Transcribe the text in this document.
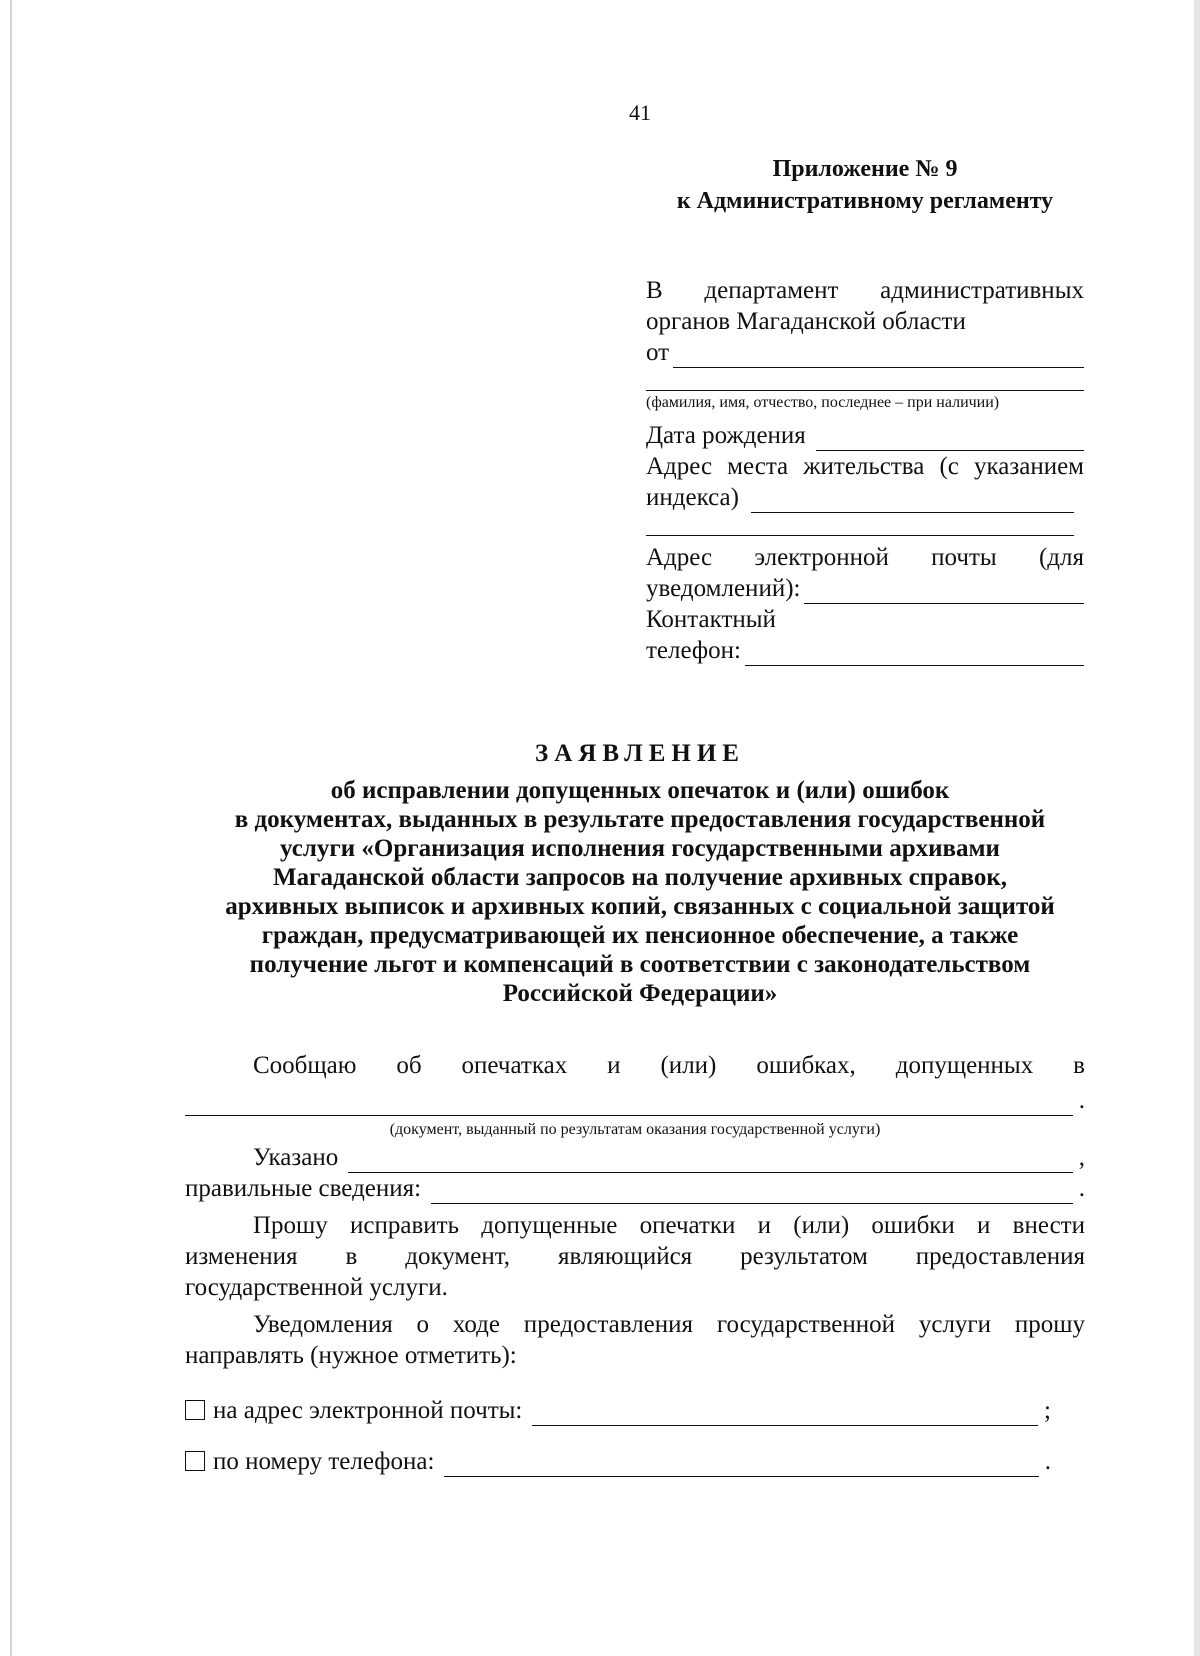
41
Приложение № 9
к Административному регламенту
В департамент административных
органов Магаданской области
от
(фамилия, имя, отчество, последнее – при наличии)
Дата рождения
Адрес места жительства (с указанием
индекса)
Адрес электронной почты (для
уведомлений):
Контактный
телефон:
ЗАЯВЛЕНИЕ
об исправлении допущенных опечаток и (или) ошибок
в документах, выданных в результате предоставления государственной
услуги «Организация исполнения государственными архивами
Магаданской области запросов на получение архивных справок,
архивных выписок и архивных копий, связанных с социальной защитой
граждан, предусматривающей их пенсионное обеспечение, а также
получение льгот и компенсаций в соответствии с законодательством
Российской Федерации»
Сообщаю об опечатках и (или) ошибках, допущенных в
.
(документ, выданный по результатам оказания государственной услуги)
Указано	,
правильные сведения:	.
Прошу исправить допущенные опечатки и (или) ошибки и внести
изменения в документ, являющийся результатом предоставления
государственной услуги.
Уведомления о ходе предоставления государственной услуги прошу
направлять (нужное отметить):
на адрес электронной почты:	;
по номеру телефона:	.
